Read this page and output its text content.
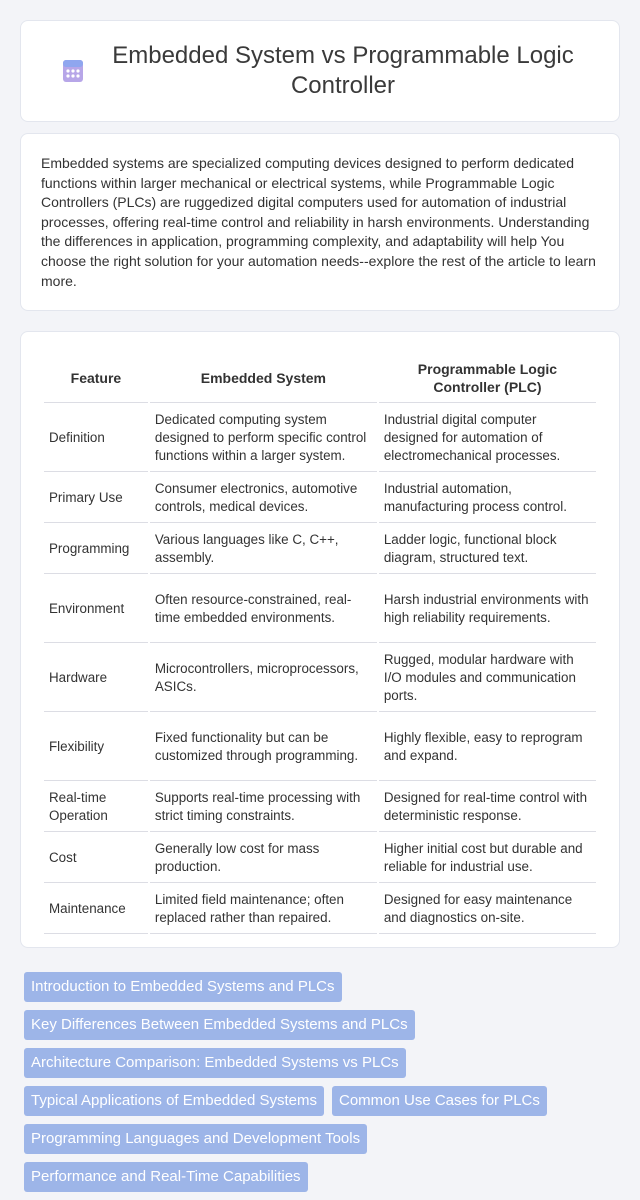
Embedded System vs Programmable Logic Controller

Embedded systems are specialized computing devices designed to perform dedicated functions within larger mechanical or electrical systems, while Programmable Logic Controllers (PLCs) are ruggedized digital computers used for automation of industrial processes, offering real-time control and reliability in harsh environments. Understanding the differences in application, programming complexity, and adaptability will help You choose the right solution for your automation needs--explore the rest of the article to learn more.

Feature	Embedded System	Programmable Logic Controller (PLC)
Definition	Dedicated computing system designed to perform specific control functions within a larger system.	Industrial digital computer designed for automation of electromechanical processes.
Primary Use	Consumer electronics, automotive controls, medical devices.	Industrial automation, manufacturing process control.
Programming	Various languages like C, C++, assembly.	Ladder logic, functional block diagram, structured text.
Environment	Often resource-constrained, real-time embedded environments.	Harsh industrial environments with high reliability requirements.
Hardware	Microcontrollers, microprocessors, ASICs.	Rugged, modular hardware with I/O modules and communication ports.
Flexibility	Fixed functionality but can be customized through programming.	Highly flexible, easy to reprogram and expand.
Real-time Operation	Supports real-time processing with strict timing constraints.	Designed for real-time control with deterministic response.
Cost	Generally low cost for mass production.	Higher initial cost but durable and reliable for industrial use.
Maintenance	Limited field maintenance; often replaced rather than repaired.	Designed for easy maintenance and diagnostics on-site.
Introduction to Embedded Systems and PLCs
Key Differences Between Embedded Systems and PLCs
Architecture Comparison: Embedded Systems vs PLCs
Typical Applications of Embedded Systems	Common Use Cases for PLCs
Programming Languages and Development Tools
Performance and Real-Time Capabilities
